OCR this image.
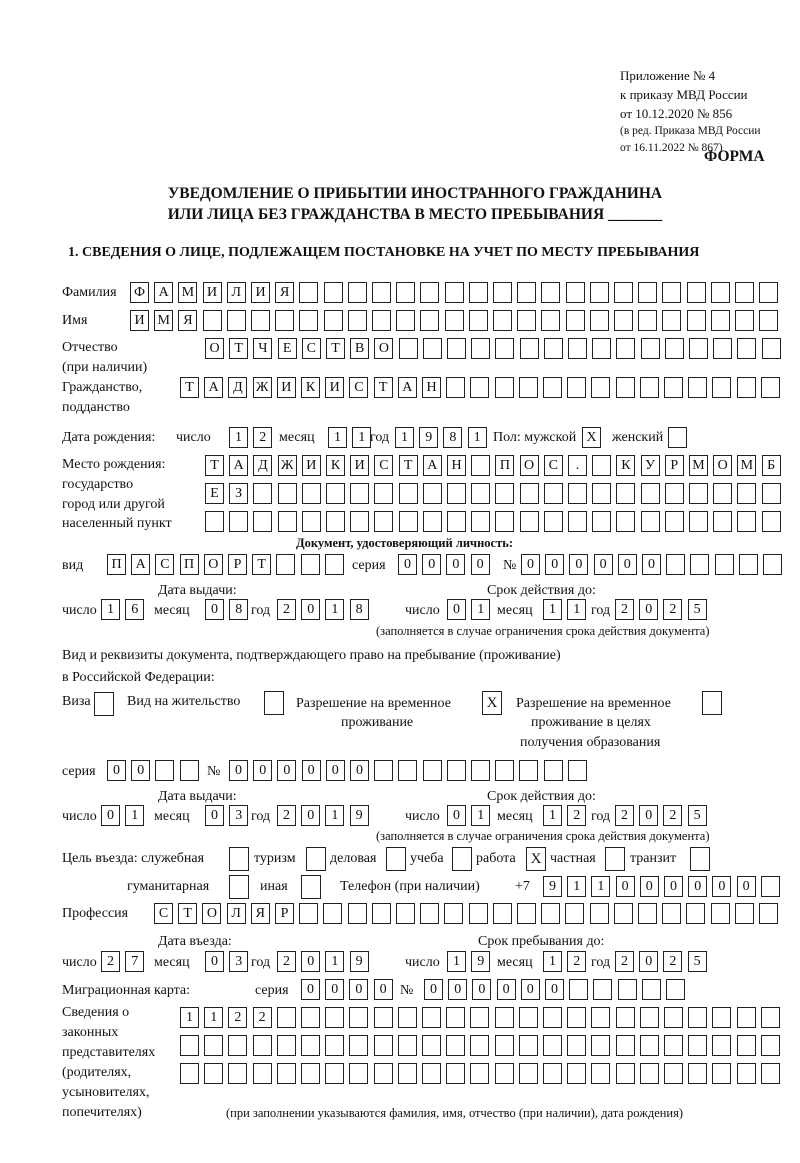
Приложение № 4
к приказу МВД России
от 10.12.2020 № 856
(в ред. Приказа МВД России
от 16.11.2022 № 867)
ФОРМА
УВЕДОМЛЕНИЕ О ПРИБЫТИИ ИНОСТРАННОГО ГРАЖДАНИНА
ИЛИ ЛИЦА БЕЗ ГРАЖДАНСТВА В МЕСТО ПРЕБЫВАНИЯ _______
1. СВЕДЕНИЯ О ЛИЦЕ, ПОДЛЕЖАЩЕМ ПОСТАНОВКЕ НА УЧЕТ ПО МЕСТУ ПРЕБЫВАНИЯ
Фамилия Ф А М И	Л	И	Я
Имя	И М Я
Отчество	О	Т	Ч	Е	С	Т	В	О
(при наличии)
Гражданство,	Т	А	Д Ж И	К	И	С	Т	А	Н
подданство
Дата рождения: число	1	2 месяц	1	1 год 1	9	8	1 Пол: мужской X	женский
Место рождения:	Т	А	Д Ж И	К	И	С	Т	А	Н	П	О	С	.	К	У	Р	М О М Б
государство
Е	З
город или другой
населенный пункт
Документ, удостоверяющий личность:
вид	П	А	С	П	О	Р	Т	серия	0	0	0	0	№ 0	0	0	0	0	0
Дата выдачи:	Срок действия до:
число 1	6	месяц	0	8 год 2	0	1	8	число 0	1 месяц	1	1 год 2	0	2	5
(заполняется в случае ограничения срока действия документа)
Вид и реквизиты документа, подтверждающего право на пребывание (проживание)
в Российской Федерации:
Виза	Вид на жительство	Разрешение на временное
проживание
X	Разрешение на временное
проживание в целях
получения образования
серия	0	0	№	0	0	0	0	0	0
Дата выдачи:	Срок действия до:
число 0	1	месяц	0	3 год 2	0	1	9	число 0	1 месяц	1	2 год 2	0	2	5
(заполняется в случае ограничения срока действия документа)
Цель въезда: служебная	туризм деловая учеба работа X частная транзит
гуманитарная	иная	Телефон (при наличии)	+7	9	1	1	0	0	0	0	0	0
Профессия	С	Т	О	Л	Я	Р
Дата въезда:	Срок пребывания до:
число 2	7	месяц	0	3 год 2	0	1	9	число 1	9 месяц	1	2 год 2	0	2	5
Миграционная карта:	серия	0	0	0	0 №	0	0	0	0	0	0
Сведения о	1	1	2	2
законных
представителях
(родителях,
усыновителях,
попечителях)	(при заполнении указываются фамилия, имя, отчество (при наличии), дата рождения)
